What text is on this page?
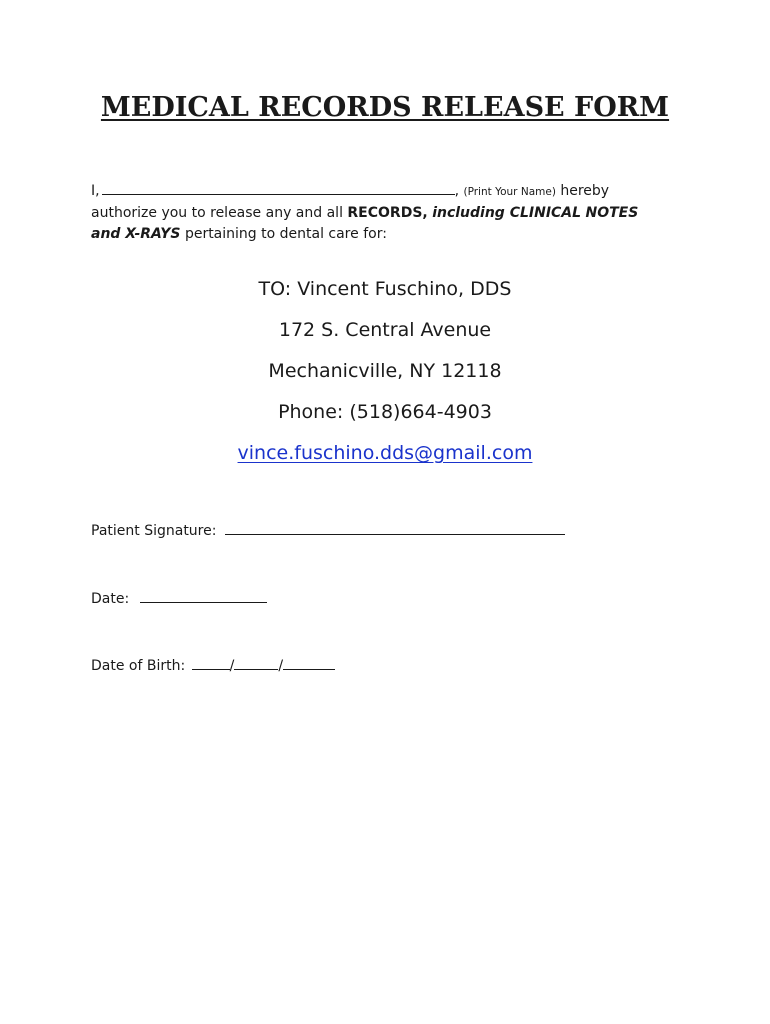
MEDICAL RECORDS RELEASE FORM

I,	, (Print Your Name) hereby authorize you to release any and all RECORDS, including CLINICAL NOTES and X-RAYS pertaining to dental care for:

TO: Vincent Fuschino, DDS
172 S. Central Avenue
Mechanicville, NY 12118
Phone: (518)664-4903
vince.fuschino.dds@gmail.com

Patient Signature:

Date:

Date of Birth:	/	/
